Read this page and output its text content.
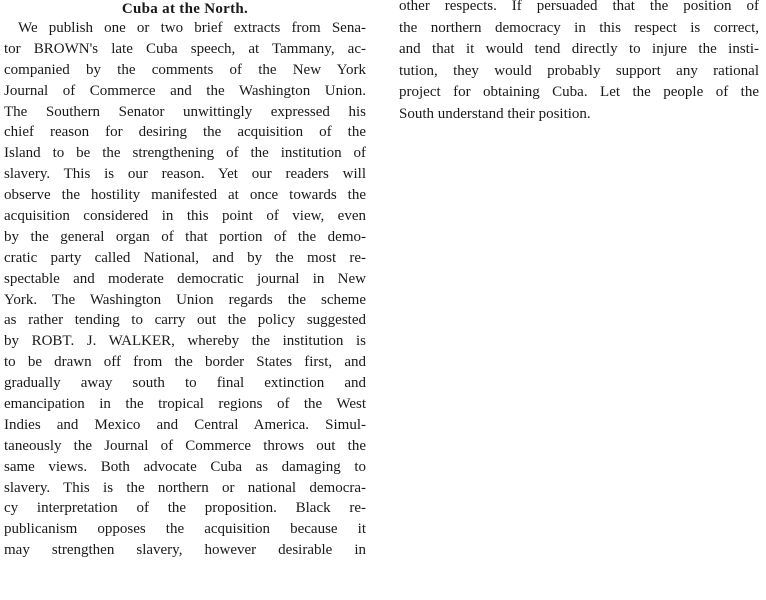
Cuba at the North.
We publish one or two brief extracts from Sena-
tor BROWN's late Cuba speech, at Tammany, ac-
companied by the comments of the New York
Journal of Commerce and the Washington Union.
The Southern Senator unwittingly expressed his
chief reason for desiring the acquisition of the
Island to be the strengthening of the institution of
slavery. This is our reason. Yet our readers will
observe the hostility manifested at once towards the
acquisition considered in this point of view, even
by the general organ of that portion of the demo-
cratic party called National, and by the most re-
spectable and moderate democratic journal in New
York. The Washington Union regards the scheme
as rather tending to carry out the policy suggested
by ROBT. J. WALKER, whereby the institution is
to be drawn off from the border States first, and
gradually away south to final extinction and
emancipation in the tropical regions of the West
Indies and Mexico and Central America. Simul-
taneously the Journal of Commerce throws out the
same views. Both advocate Cuba as damaging to
slavery. This is the northern or national democra-
cy interpretation of the proposition. Black re-
publicanism opposes the acquisition because it
may strengthen slavery, however desirable in
other respects. If persuaded that the position of
the northern democracy in this respect is correct,
and that it would tend directly to injure the insti-
tution, they would probably support any rational
project for obtaining Cuba. Let the people of the
South understand their position.
